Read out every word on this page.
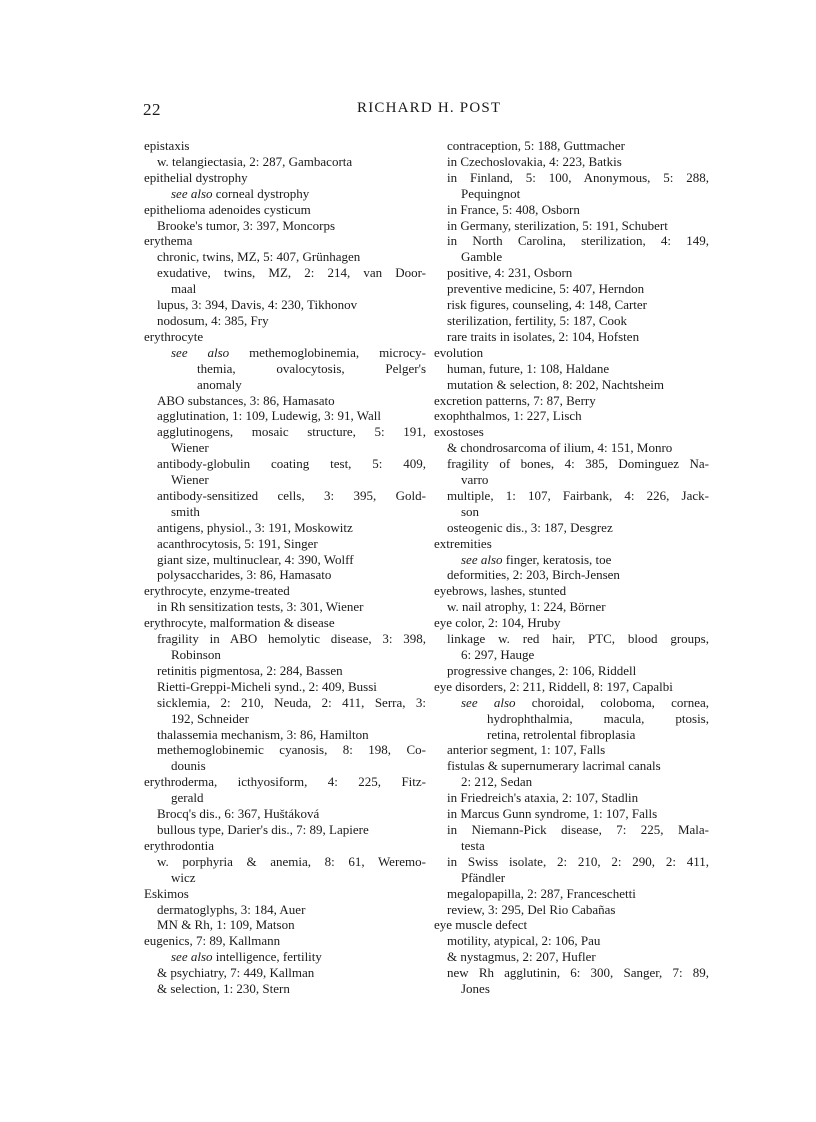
22	RICHARD H. POST
epistaxis
w. telangiectasia, 2: 287, Gambacorta
epithelial dystrophy
see also corneal dystrophy
epithelioma adenoides cysticum
Brooke's tumor, 3: 397, Moncorps
erythema
chronic, twins, MZ, 5: 407, Grünhagen
exudative, twins, MZ, 2: 214, van Door-
maal
lupus, 3: 394, Davis, 4: 230, Tikhonov
nodosum, 4: 385, Fry
erythrocyte
see also methemoglobinemia, microcy-
themia, ovalocytosis, Pelger's
anomaly
ABO substances, 3: 86, Hamasato
agglutination, 1: 109, Ludewig, 3: 91, Wall
agglutinogens, mosaic structure, 5: 191,
Wiener
antibody-globulin coating test, 5: 409,
Wiener
antibody-sensitized cells, 3: 395, Gold-
smith
antigens, physiol., 3: 191, Moskowitz
acanthrocytosis, 5: 191, Singer
giant size, multinuclear, 4: 390, Wolff
polysaccharides, 3: 86, Hamasato
erythrocyte, enzyme-treated
in Rh sensitization tests, 3: 301, Wiener
erythrocyte, malformation & disease
fragility in ABO hemolytic disease, 3: 398,
Robinson
retinitis pigmentosa, 2: 284, Bassen
Rietti-Greppi-Micheli synd., 2: 409, Bussi
sicklemia, 2: 210, Neuda, 2: 411, Serra, 3:
192, Schneider
thalassemia mechanism, 3: 86, Hamilton
methemoglobinemic cyanosis, 8: 198, Co-
dounis
erythroderma, icthyosiform, 4: 225, Fitz-
gerald
Brocq's dis., 6: 367, Huštáková
bullous type, Darier's dis., 7: 89, Lapiere
erythrodontia
w. porphyria & anemia, 8: 61, Weremo-
wicz
Eskimos
dermatoglyphs, 3: 184, Auer
MN & Rh, 1: 109, Matson
eugenics, 7: 89, Kallmann
see also intelligence, fertility
& psychiatry, 7: 449, Kallman
& selection, 1: 230, Stern
contraception, 5: 188, Guttmacher
in Czechoslovakia, 4: 223, Batkis
in Finland, 5: 100, Anonymous, 5: 288,
Pequingnot
in France, 5: 408, Osborn
in Germany, sterilization, 5: 191, Schubert
in North Carolina, sterilization, 4: 149,
Gamble
positive, 4: 231, Osborn
preventive medicine, 5: 407, Herndon
risk figures, counseling, 4: 148, Carter
sterilization, fertility, 5: 187, Cook
rare traits in isolates, 2: 104, Hofsten
evolution
human, future, 1: 108, Haldane
mutation & selection, 8: 202, Nachtsheim
excretion patterns, 7: 87, Berry
exophthalmos, 1: 227, Lisch
exostoses
& chondrosarcoma of ilium, 4: 151, Monro
fragility of bones, 4: 385, Dominguez Na-
varro
multiple, 1: 107, Fairbank, 4: 226, Jack-
son
osteogenic dis., 3: 187, Desgrez
extremities
see also finger, keratosis, toe
deformities, 2: 203, Birch-Jensen
eyebrows, lashes, stunted
w. nail atrophy, 1: 224, Börner
eye color, 2: 104, Hruby
linkage w. red hair, PTC, blood groups,
6: 297, Hauge
progressive changes, 2: 106, Riddell
eye disorders, 2: 211, Riddell, 8: 197, Capalbi
see also choroidal, coloboma, cornea,
hydrophthalmia, macula, ptosis,
retina, retrolental fibroplasia
anterior segment, 1: 107, Falls
fistulas & supernumerary lacrimal canals
2: 212, Sedan
in Friedreich's ataxia, 2: 107, Stadlin
in Marcus Gunn syndrome, 1: 107, Falls
in Niemann-Pick disease, 7: 225, Mala-
testa
in Swiss isolate, 2: 210, 2: 290, 2: 411,
Pfändler
megalopapilla, 2: 287, Franceschetti
review, 3: 295, Del Rio Cabañas
eye muscle defect
motility, atypical, 2: 106, Pau
& nystagmus, 2: 207, Hufler
new Rh agglutinin, 6: 300, Sanger, 7: 89,
Jones
